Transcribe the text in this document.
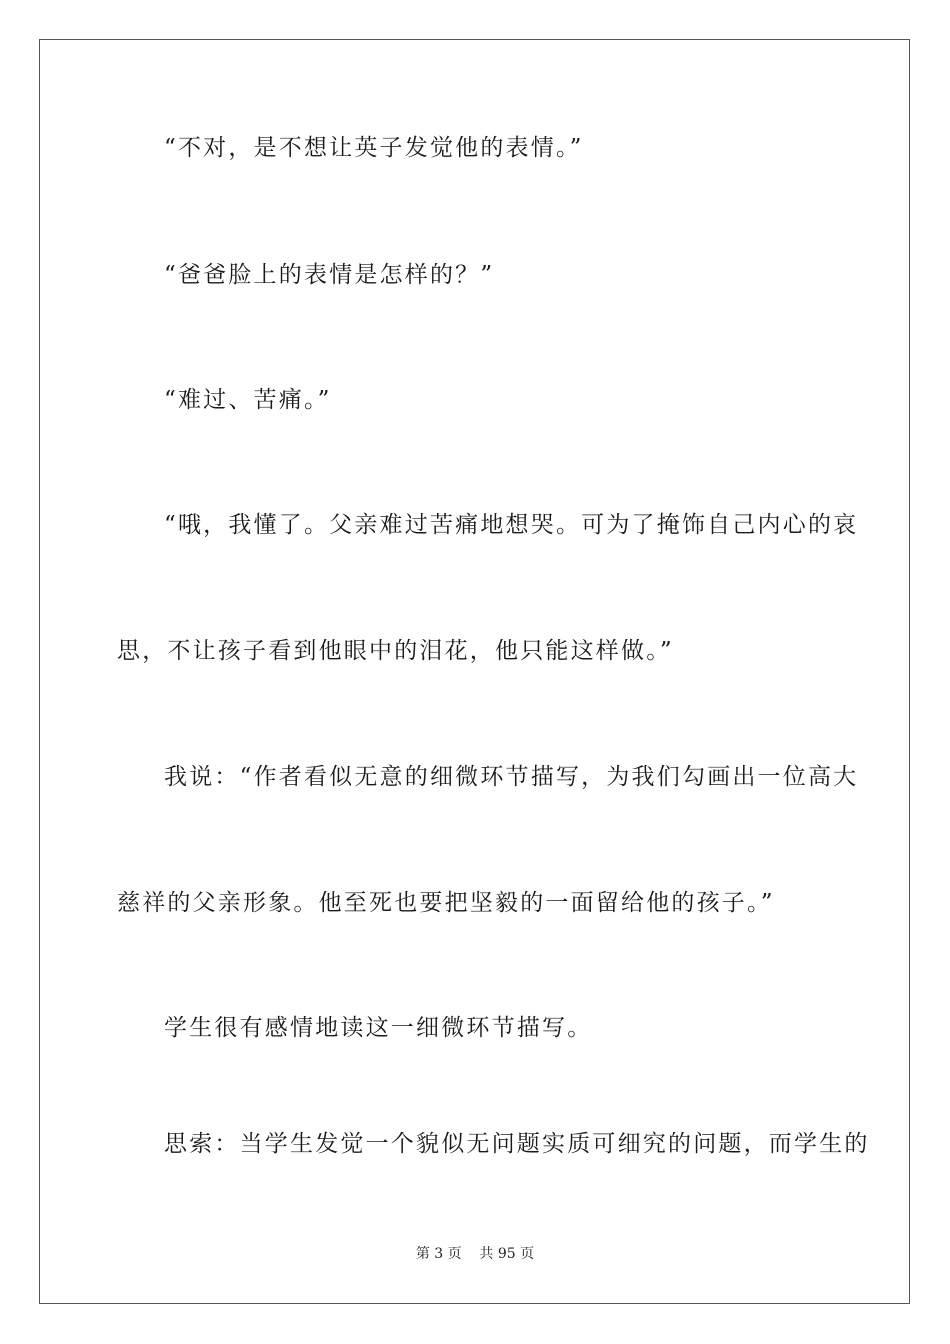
“不对，是不想让英子发觉他的表情。”
“爸爸脸上的表情是怎样的？”
“难过、苦痛。”
“哦，我懂了。父亲难过苦痛地想哭。可为了掩饰自己内心的哀
思，不让孩子看到他眼中的泪花，他只能这样做。”
我说：“作者看似无意的细微环节描写，为我们勾画出一位高大
慈祥的父亲形象。他至死也要把坚毅的一面留给他的孩子。”
学生很有感情地读这一细微环节描写。
思索：当学生发觉一个貌似无问题实质可细究的问题，而学生的
第 3 页    共 95 页
